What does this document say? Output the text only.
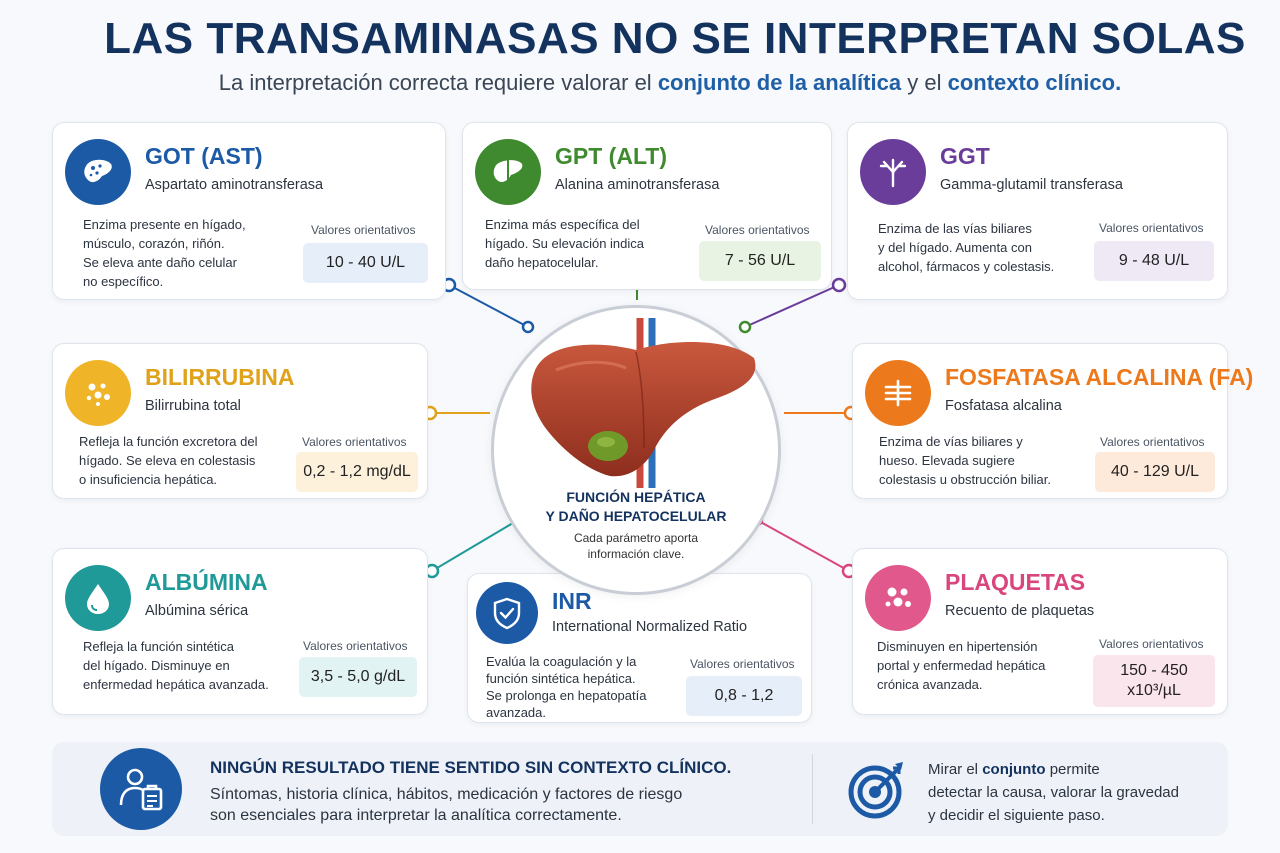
LAS TRANSAMINASAS NO SE INTERPRETAN SOLAS
La interpretación correcta requiere valorar el conjunto de la analítica y el contexto clínico.
GOT (AST)
Aspartato aminotransferasa
Enzima presente en hígado,
músculo, corazón, riñón.
Se eleva ante daño celular
no específico.
Valores orientativos
10 - 40 U/L
GPT (ALT)
Alanina aminotransferasa
Enzima más específica del
hígado. Su elevación indica
daño hepatocelular.
Valores orientativos
7 - 56 U/L
GGT
Gamma-glutamil transferasa
Enzima de las vías biliares
y del hígado. Aumenta con
alcohol, fármacos y colestasis.
Valores orientativos
9 - 48 U/L
BILIRRUBINA
Bilirrubina total
Refleja la función excretora del
hígado. Se eleva en colestasis
o insuficiencia hepática.
Valores orientativos
0,2 - 1,2 mg/dL
FOSFATASA ALCALINA (FA)
Fosfatasa alcalina
Enzima de vías biliares y
hueso. Elevada sugiere
colestasis u obstrucción biliar.
Valores orientativos
40 - 129 U/L
ALBÚMINA
Albúmina sérica
Refleja la función sintética
del hígado. Disminuye en
enfermedad hepática avanzada.
Valores orientativos
3,5 - 5,0 g/dL
INR
International Normalized Ratio
Evalúa la coagulación y la
función sintética hepática.
Se prolonga en hepatopatía
avanzada.
Valores orientativos
0,8 - 1,2
PLAQUETAS
Recuento de plaquetas
Disminuyen en hipertensión
portal y enfermedad hepática
crónica avanzada.
Valores orientativos
150 - 450
x10³/µL
FUNCIÓN HEPÁTICA
Y DAÑO HEPATOCELULAR
Cada parámetro aporta
información clave.
NINGÚN RESULTADO TIENE SENTIDO SIN CONTEXTO CLÍNICO.
Síntomas, historia clínica, hábitos, medicación y factores de riesgo
son esenciales para interpretar la analítica correctamente.
Mirar el conjunto permite
detectar la causa, valorar la gravedad
y decidir el siguiente paso.
